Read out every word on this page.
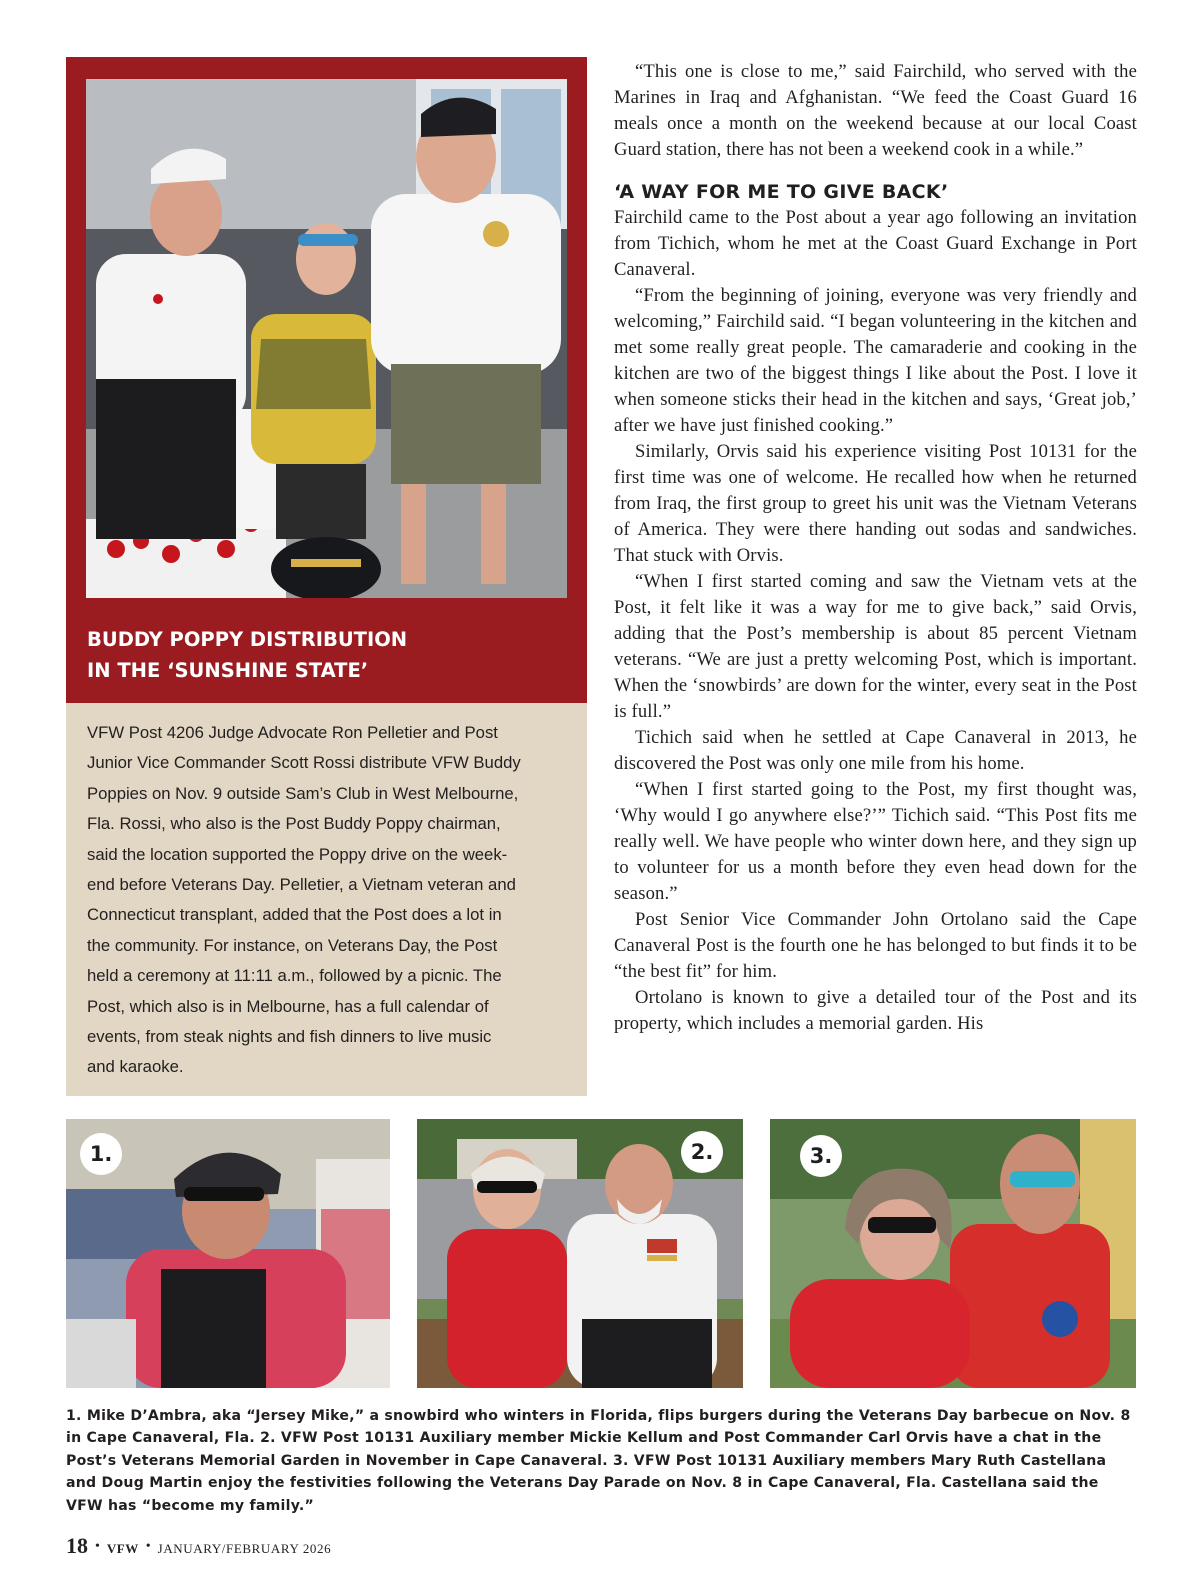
BUDDY POPPY DISTRIBUTION
IN THE ‘SUNSHINE STATE’
VFW Post 4206 Judge Advocate Ron Pelletier and Post
Junior Vice Commander Scott Rossi distribute VFW Buddy
Poppies on Nov. 9 outside Sam’s Club in West Melbourne,
Fla. Rossi, who also is the Post Buddy Poppy chairman,
said the location supported the Poppy drive on the week-
end before Veterans Day. Pelletier, a Vietnam veteran and
Connecticut transplant, added that the Post does a lot in
the community. For instance, on Veterans Day, the Post
held a ceremony at 11:11 a.m., followed by a picnic. The
Post, which also is in Melbourne, has a full calendar of
events, from steak nights and fish dinners to live music
and karaoke.

“This one is close to me,” said Fairchild, who served with the Marines in Iraq and Afghanistan. “We feed the Coast Guard 16 meals once a month on the weekend because at our local Coast Guard station, there has not been a weekend cook in a while.”

‘A WAY FOR ME TO GIVE BACK’

Fairchild came to the Post about a year ago following an invitation from Tichich, whom he met at the Coast Guard Exchange in Port Canaveral.

“From the beginning of joining, everyone was very friendly and welcoming,” Fairchild said. “I began volunteering in the kitchen and met some really great people. The camaraderie and cooking in the kitchen are two of the biggest things I like about the Post. I love it when someone sticks their head in the kitchen and says, ‘Great job,’ after we have just finished cooking.”

Similarly, Orvis said his experience visiting Post 10131 for the first time was one of welcome. He recalled how when he returned from Iraq, the first group to greet his unit was the Vietnam Veterans of America. They were there handing out sodas and sandwiches. That stuck with Orvis.

“When I first started coming and saw the Vietnam vets at the Post, it felt like it was a way for me to give back,” said Orvis, adding that the Post’s membership is about 85 percent Vietnam veterans. “We are just a pretty welcoming Post, which is important. When the ‘snowbirds’ are down for the winter, every seat in the Post is full.”

Tichich said when he settled at Cape Canaveral in 2013, he discovered the Post was only one mile from his home.

“When I first started going to the Post, my first thought was, ‘Why would I go anywhere else?’” Tichich said. “This Post fits me really well. We have people who winter down here, and they sign up to volunteer for us a month before they even head down for the season.”

Post Senior Vice Commander John Ortolano said the Cape Canaveral Post is the fourth one he has belonged to but finds it to be “the best fit” for him.

Ortolano is known to give a detailed tour of the Post and its property, which includes a memorial garden. His

1.	2.	3.
1. Mike D’Ambra, aka “Jersey Mike,” a snowbird who winters in Florida, flips burgers during the Veterans Day barbecue on Nov. 8 in Cape Canaveral, Fla. 2. VFW Post 10131 Auxiliary member Mickie Kellum and Post Commander Carl Orvis have a chat in the Post’s Veterans Memorial Garden in November in Cape Canaveral. 3. VFW Post 10131 Auxiliary members Mary Ruth Castellana and Doug Martin enjoy the festivities following the Veterans Day Parade on Nov. 8 in Cape Canaveral, Fla. Castellana said the VFW has “become my family.”
18 • VFW • JANUARY/FEBRUARY 2026
